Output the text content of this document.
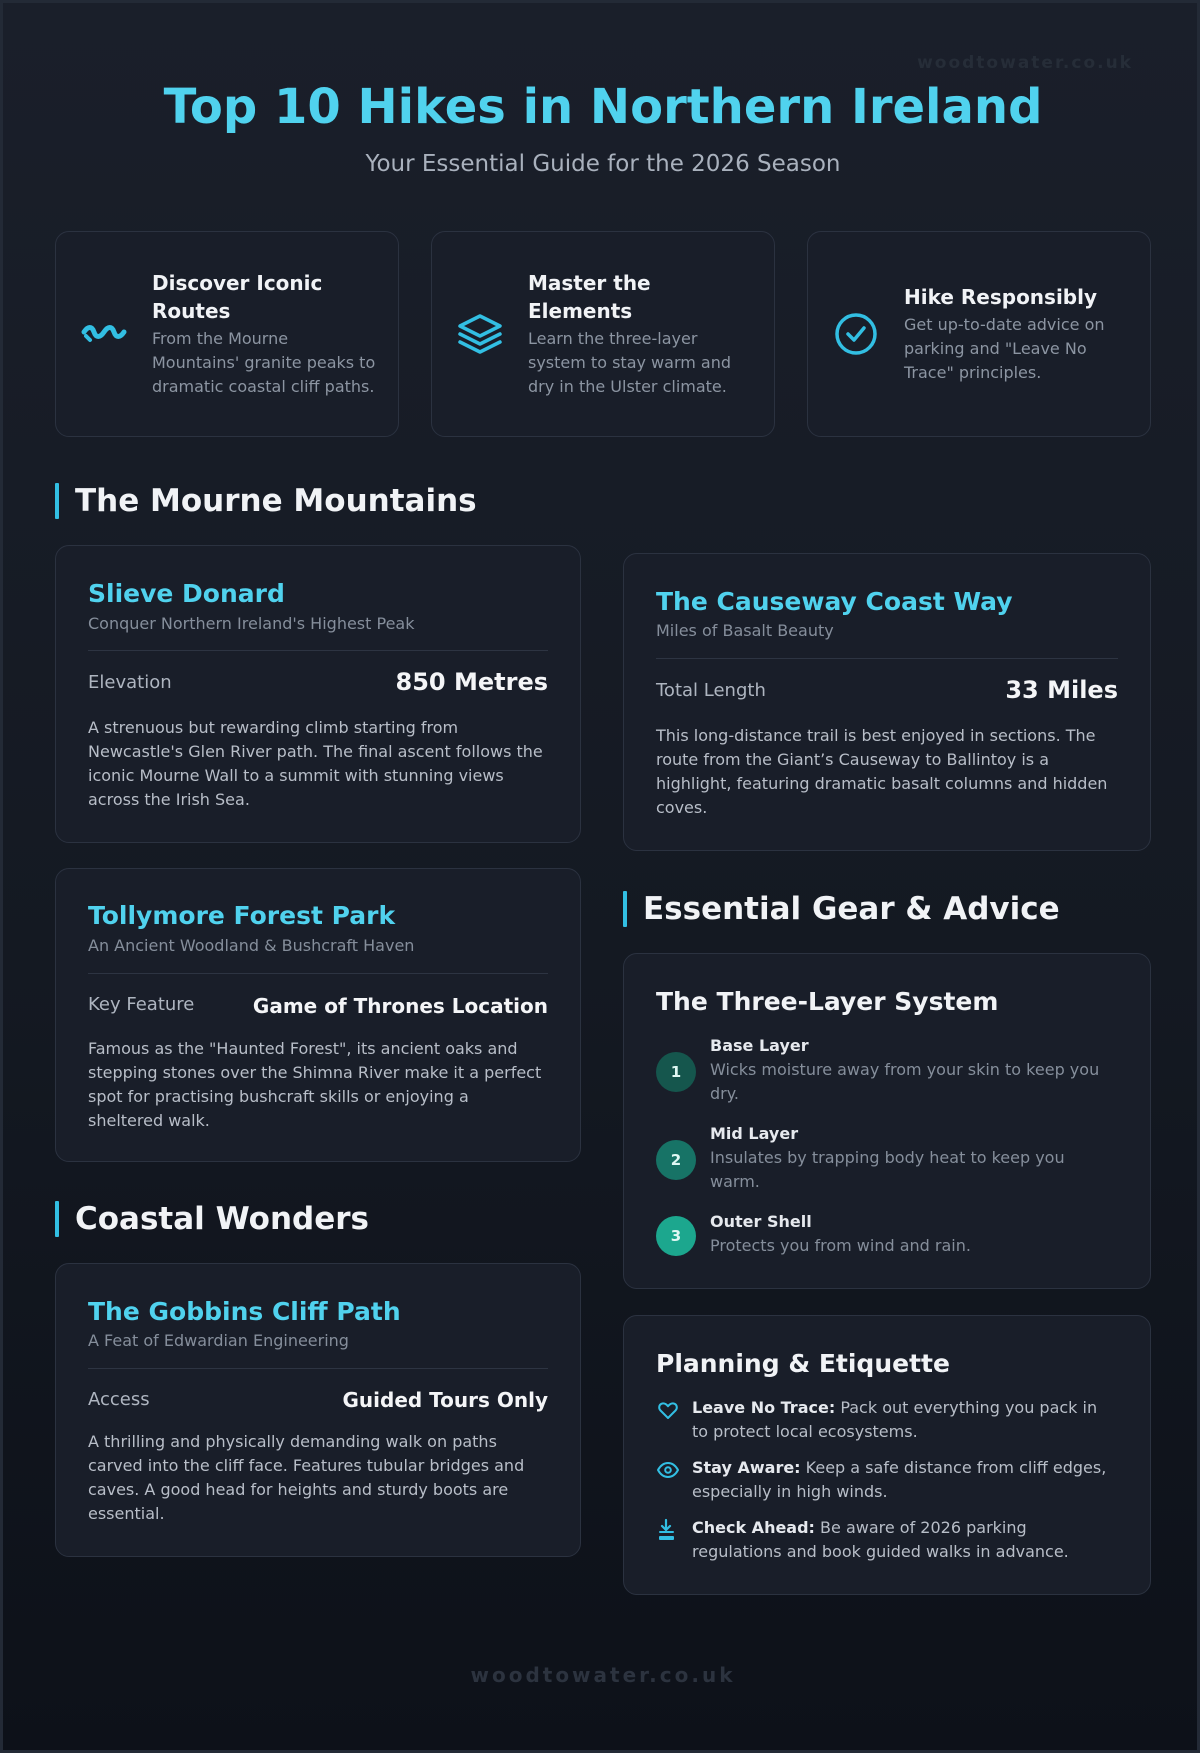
woodtowater.co.uk
Top 10 Hikes in Northern Ireland
Your Essential Guide for the 2026 Season
Discover Iconic Routes
From the Mourne Mountains' granite peaks to dramatic coastal cliff paths.
Master the Elements
Learn the three-layer system to stay warm and dry in the Ulster climate.
Hike Responsibly
Get up-to-date advice on parking and "Leave No Trace" principles.
The Mourne Mountains
Slieve Donard
Conquer Northern Ireland's Highest Peak
Elevation	850 Metres

A strenuous but rewarding climb starting from Newcastle's Glen River path. The final ascent follows the iconic Mourne Wall to a summit with stunning views across the Irish Sea.

Tollymore Forest Park
An Ancient Woodland & Bushcraft Haven
Key Feature	Game of Thrones Location

Famous as the "Haunted Forest", its ancient oaks and stepping stones over the Shimna River make it a perfect spot for practising bushcraft skills or enjoying a sheltered walk.

Coastal Wonders
The Gobbins Cliff Path
A Feat of Edwardian Engineering
Access	Guided Tours Only

A thrilling and physically demanding walk on paths carved into the cliff face. Features tubular bridges and caves. A good head for heights and sturdy boots are essential.

The Causeway Coast Way
Miles of Basalt Beauty
Total Length	33 Miles

This long-distance trail is best enjoyed in sections. The route from the Giant’s Causeway to Ballintoy is a highlight, featuring dramatic basalt columns and hidden coves.

Essential Gear & Advice
The Three-Layer System
1
Base Layer
Wicks moisture away from your skin to keep you dry.
2
Mid Layer
Insulates by trapping body heat to keep you warm.
3
Outer Shell
Protects you from wind and rain.
Planning & Etiquette
Leave No Trace: Pack out everything you pack in to protect local ecosystems.
Stay Aware: Keep a safe distance from cliff edges, especially in high winds.
Check Ahead: Be aware of 2026 parking regulations and book guided walks in advance.
woodtowater.co.uk
